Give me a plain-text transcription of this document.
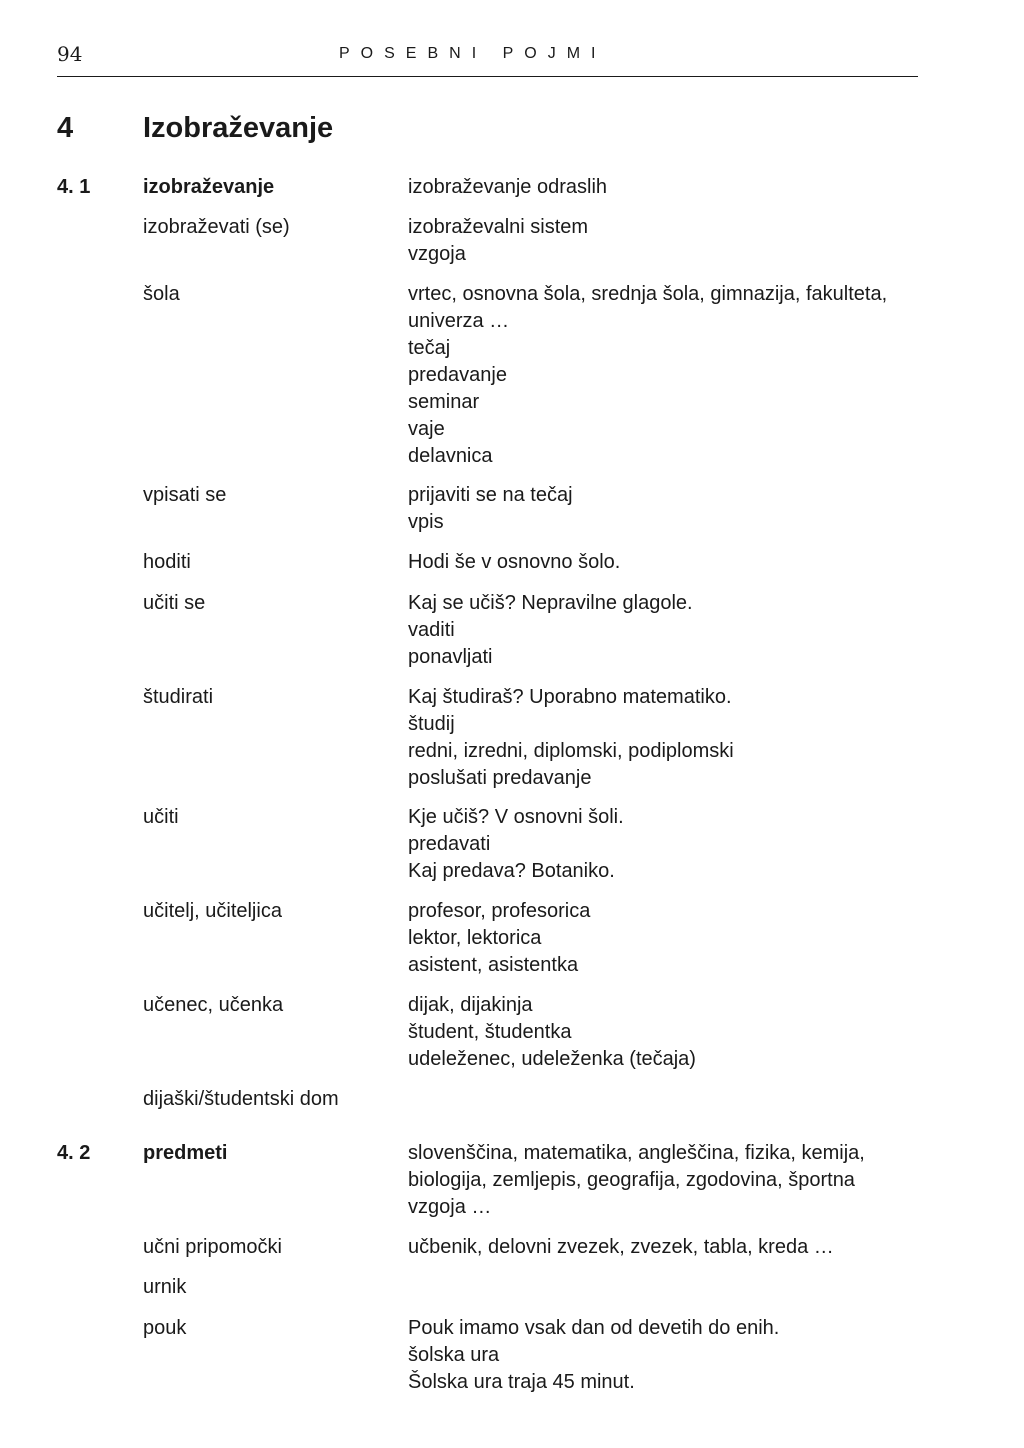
94	POSEBNI POJMI
4 Izobraževanje
4. 1	izobraževanje	izobraževanje odraslih
izobraževati (se)	izobraževalni sistem
vzgoja
šola	vrtec, osnovna šola, srednja šola, gimnazija, fakulteta,
univerza …
tečaj
predavanje
seminar
vaje
delavnica
vpisati se	prijaviti se na tečaj
vpis
hoditi	Hodi še v osnovno šolo.
učiti se	Kaj se učiš? Nepravilne glagole.
vaditi
ponavljati
študirati	Kaj študiraš? Uporabno matematiko.
študij
redni, izredni, diplomski, podiplomski
poslušati predavanje
učiti	Kje učiš? V osnovni šoli.
predavati
Kaj predava? Botaniko.
učitelj, učiteljica	profesor, profesorica
lektor, lektorica
asistent, asistentka
učenec, učenka	dijak, dijakinja
študent, študentka
udeleženec, udeleženka (tečaja)
dijaški/študentski dom
4. 2	predmeti	slovenščina, matematika, angleščina, fizika, kemija,
biologija, zemljepis, geografija, zgodovina, športna
vzgoja …
učni pripomočki	učbenik, delovni zvezek, zvezek, tabla, kreda …
urnik
pouk	Pouk imamo vsak dan od devetih do enih.
šolska ura
Šolska ura traja 45 minut.
